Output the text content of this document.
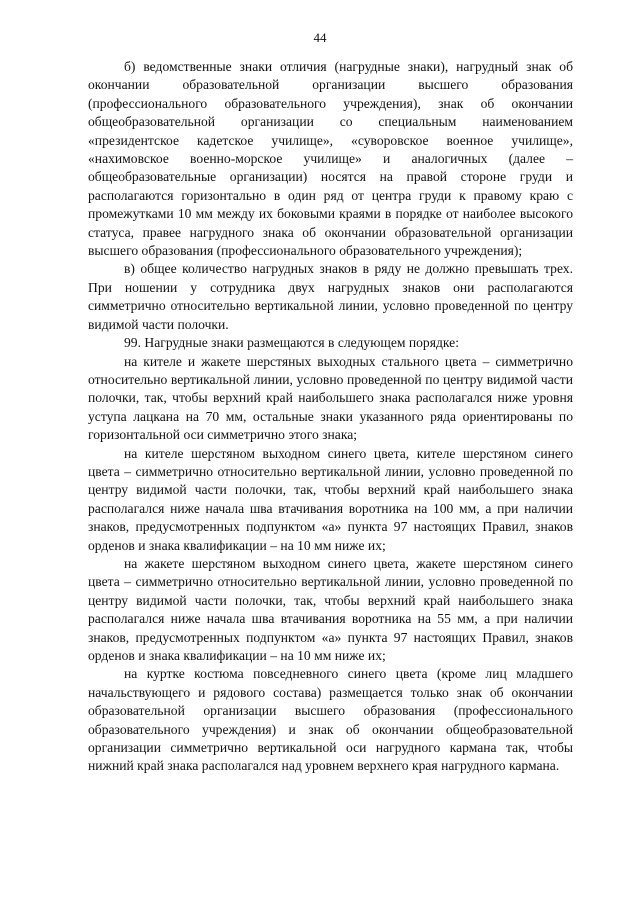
44

б) ведомственные знаки отличия (нагрудные знаки), нагрудный знак об окончании образовательной организации высшего образования (профессионального образовательного учреждения), знак об окончании общеобразовательной организации со специальным наименованием «президентское кадетское училище», «суворовское военное училище», «нахимовское военно-морское училище» и аналогичных (далее – общеобразовательные организации) носятся на правой стороне груди и располагаются горизонтально в один ряд от центра груди к правому краю с промежутками 10 мм между их боковыми краями в порядке от наиболее высокого статуса, правее нагрудного знака об окончании образовательной организации высшего образования (профессионального образовательного учреждения);

в) общее количество нагрудных знаков в ряду не должно превышать трех. При ношении у сотрудника двух нагрудных знаков они располагаются симметрично относительно вертикальной линии, условно проведенной по центру видимой части полочки.

99. Нагрудные знаки размещаются в следующем порядке:

на кителе и жакете шерстяных выходных стального цвета – симметрично относительно вертикальной линии, условно проведенной по центру видимой части полочки, так, чтобы верхний край наибольшего знака располагался ниже уровня уступа лацкана на 70 мм, остальные знаки указанного ряда ориентированы по горизонтальной оси симметрично этого знака;

на кителе шерстяном выходном синего цвета, кителе шерстяном синего цвета – симметрично относительно вертикальной линии, условно проведенной по центру видимой части полочки, так, чтобы верхний край наибольшего знака располагался ниже начала шва втачивания воротника на 100 мм, а при наличии знаков, предусмотренных подпунктом «а» пункта 97 настоящих Правил, знаков орденов и знака квалификации – на 10 мм ниже их;

на жакете шерстяном выходном синего цвета, жакете шерстяном синего цвета – симметрично относительно вертикальной линии, условно проведенной по центру видимой части полочки, так, чтобы верхний край наибольшего знака располагался ниже начала шва втачивания воротника на 55 мм, а при наличии знаков, предусмотренных подпунктом «а» пункта 97 настоящих Правил, знаков орденов и знака квалификации – на 10 мм ниже их;

на куртке костюма повседневного синего цвета (кроме лиц младшего начальствующего и рядового состава) размещается только знак об окончании образовательной организации высшего образования (профессионального образовательного учреждения) и знак об окончании общеобразовательной организации симметрично вертикальной оси нагрудного кармана так, чтобы нижний край знака располагался над уровнем верхнего края нагрудного кармана.
